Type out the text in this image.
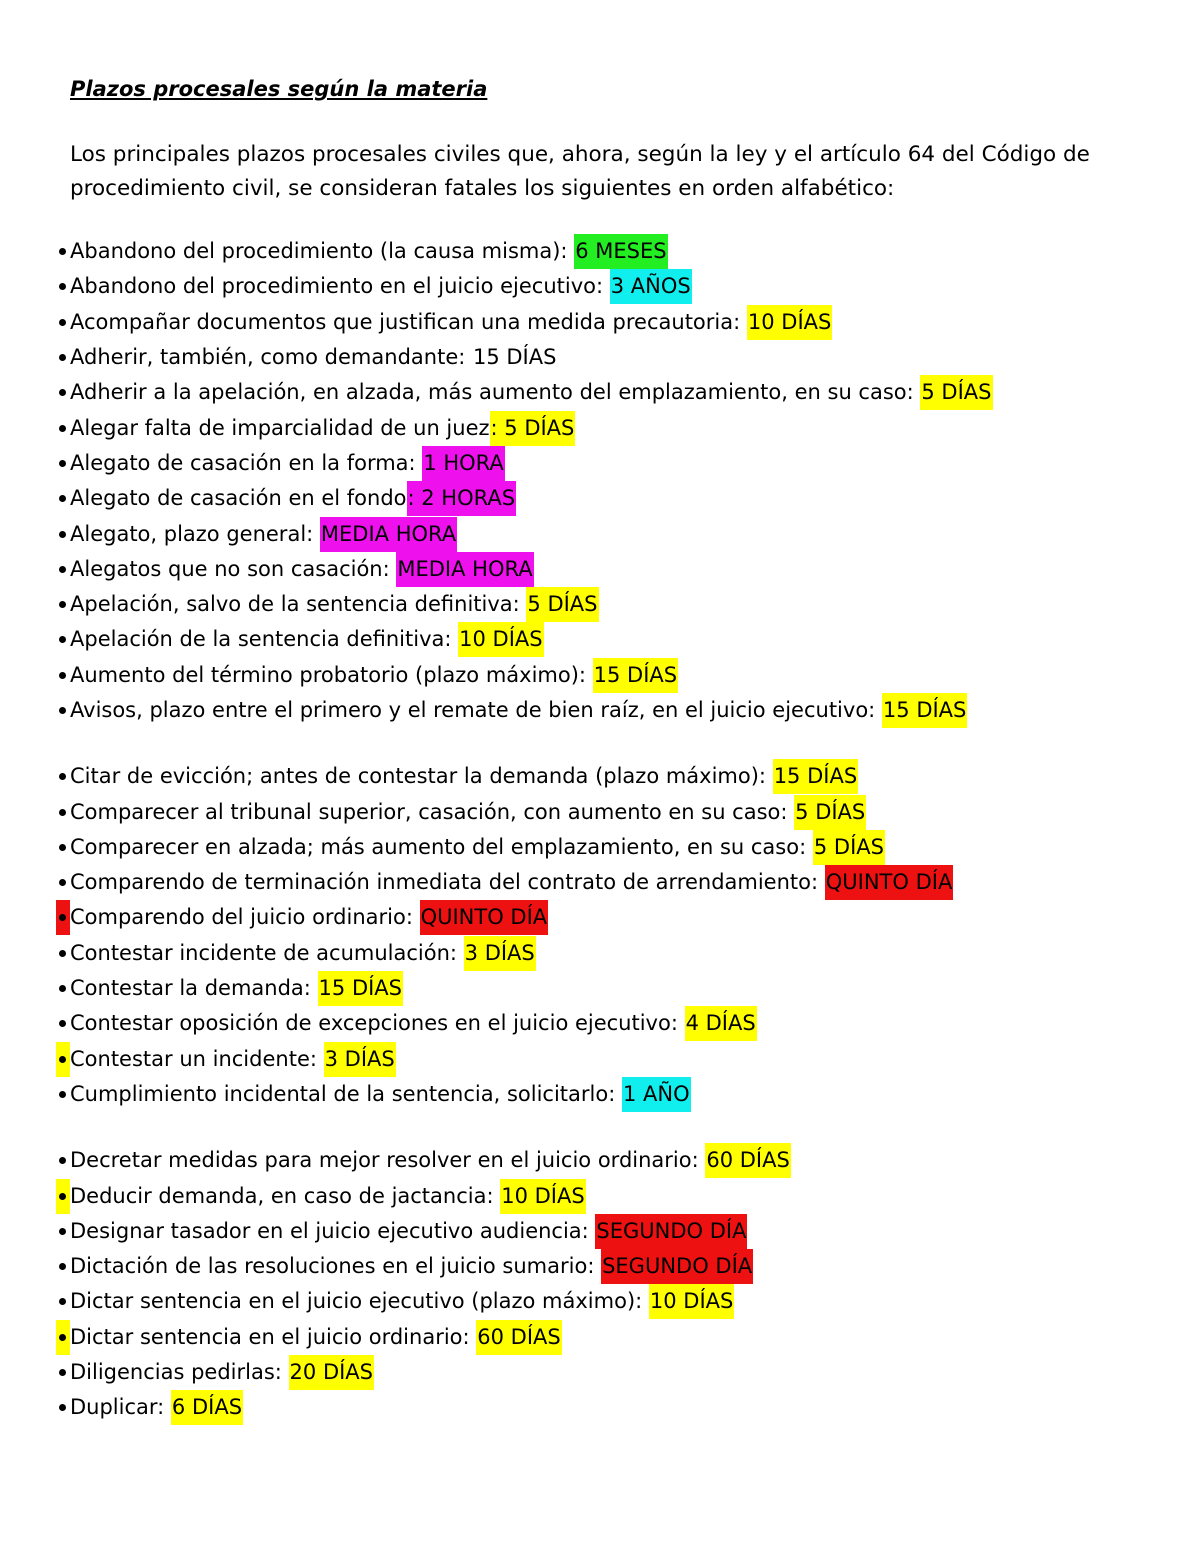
Plazos procesales según la materia
Los principales plazos procesales civiles que, ahora, según la ley y el artículo 64 del Código de
procedimiento civil, se consideran fatales los siguientes en orden alfabético:
Abandono del procedimiento (la causa misma): 6 MESES
Abandono del procedimiento en el juicio ejecutivo: 3 AÑOS
Acompañar documentos que justifican una medida precautoria: 10 DÍAS
Adherir, también, como demandante: 15 DÍAS
Adherir a la apelación, en alzada, más aumento del emplazamiento, en su caso: 5 DÍAS
Alegar falta de imparcialidad de un juez : 5 DÍAS
Alegato de casación en la forma: 1 HORA
Alegato de casación en el fondo : 2 HORAS
Alegato, plazo general: MEDIA HORA
Alegatos que no son casación: MEDIA HORA
Apelación, salvo de la sentencia definitiva: 5 DÍAS
Apelación de la sentencia definitiva: 10 DÍAS
Aumento del término probatorio (plazo máximo): 15 DÍAS
Avisos, plazo entre el primero y el remate de bien raíz, en el juicio ejecutivo: 15 DÍAS
Citar de evicción; antes de contestar la demanda (plazo máximo): 15 DÍAS
Comparecer al tribunal superior, casación, con aumento en su caso: 5 DÍAS
Comparecer en alzada; más aumento del emplazamiento, en su caso: 5 DÍAS
Comparendo de terminación inmediata del contrato de arrendamiento: QUINTO DÍA
Comparendo del juicio ordinario: QUINTO DÍA
Contestar incidente de acumulación: 3 DÍAS
Contestar la demanda: 15 DÍAS
Contestar oposición de excepciones en el juicio ejecutivo: 4 DÍAS
Contestar un incidente: 3 DÍAS
Cumplimiento incidental de la sentencia, solicitarlo: 1 AÑO
Decretar medidas para mejor resolver en el juicio ordinario: 60 DÍAS
Deducir demanda, en caso de jactancia: 10 DÍAS
Designar tasador en el juicio ejecutivo audiencia: SEGUNDO DÍA
Dictación de las resoluciones en el juicio sumario: SEGUNDO DÍA
Dictar sentencia en el juicio ejecutivo (plazo máximo): 10 DÍAS
Dictar sentencia en el juicio ordinario: 60 DÍAS
Diligencias pedirlas: 20 DÍAS
Duplicar: 6 DÍAS
